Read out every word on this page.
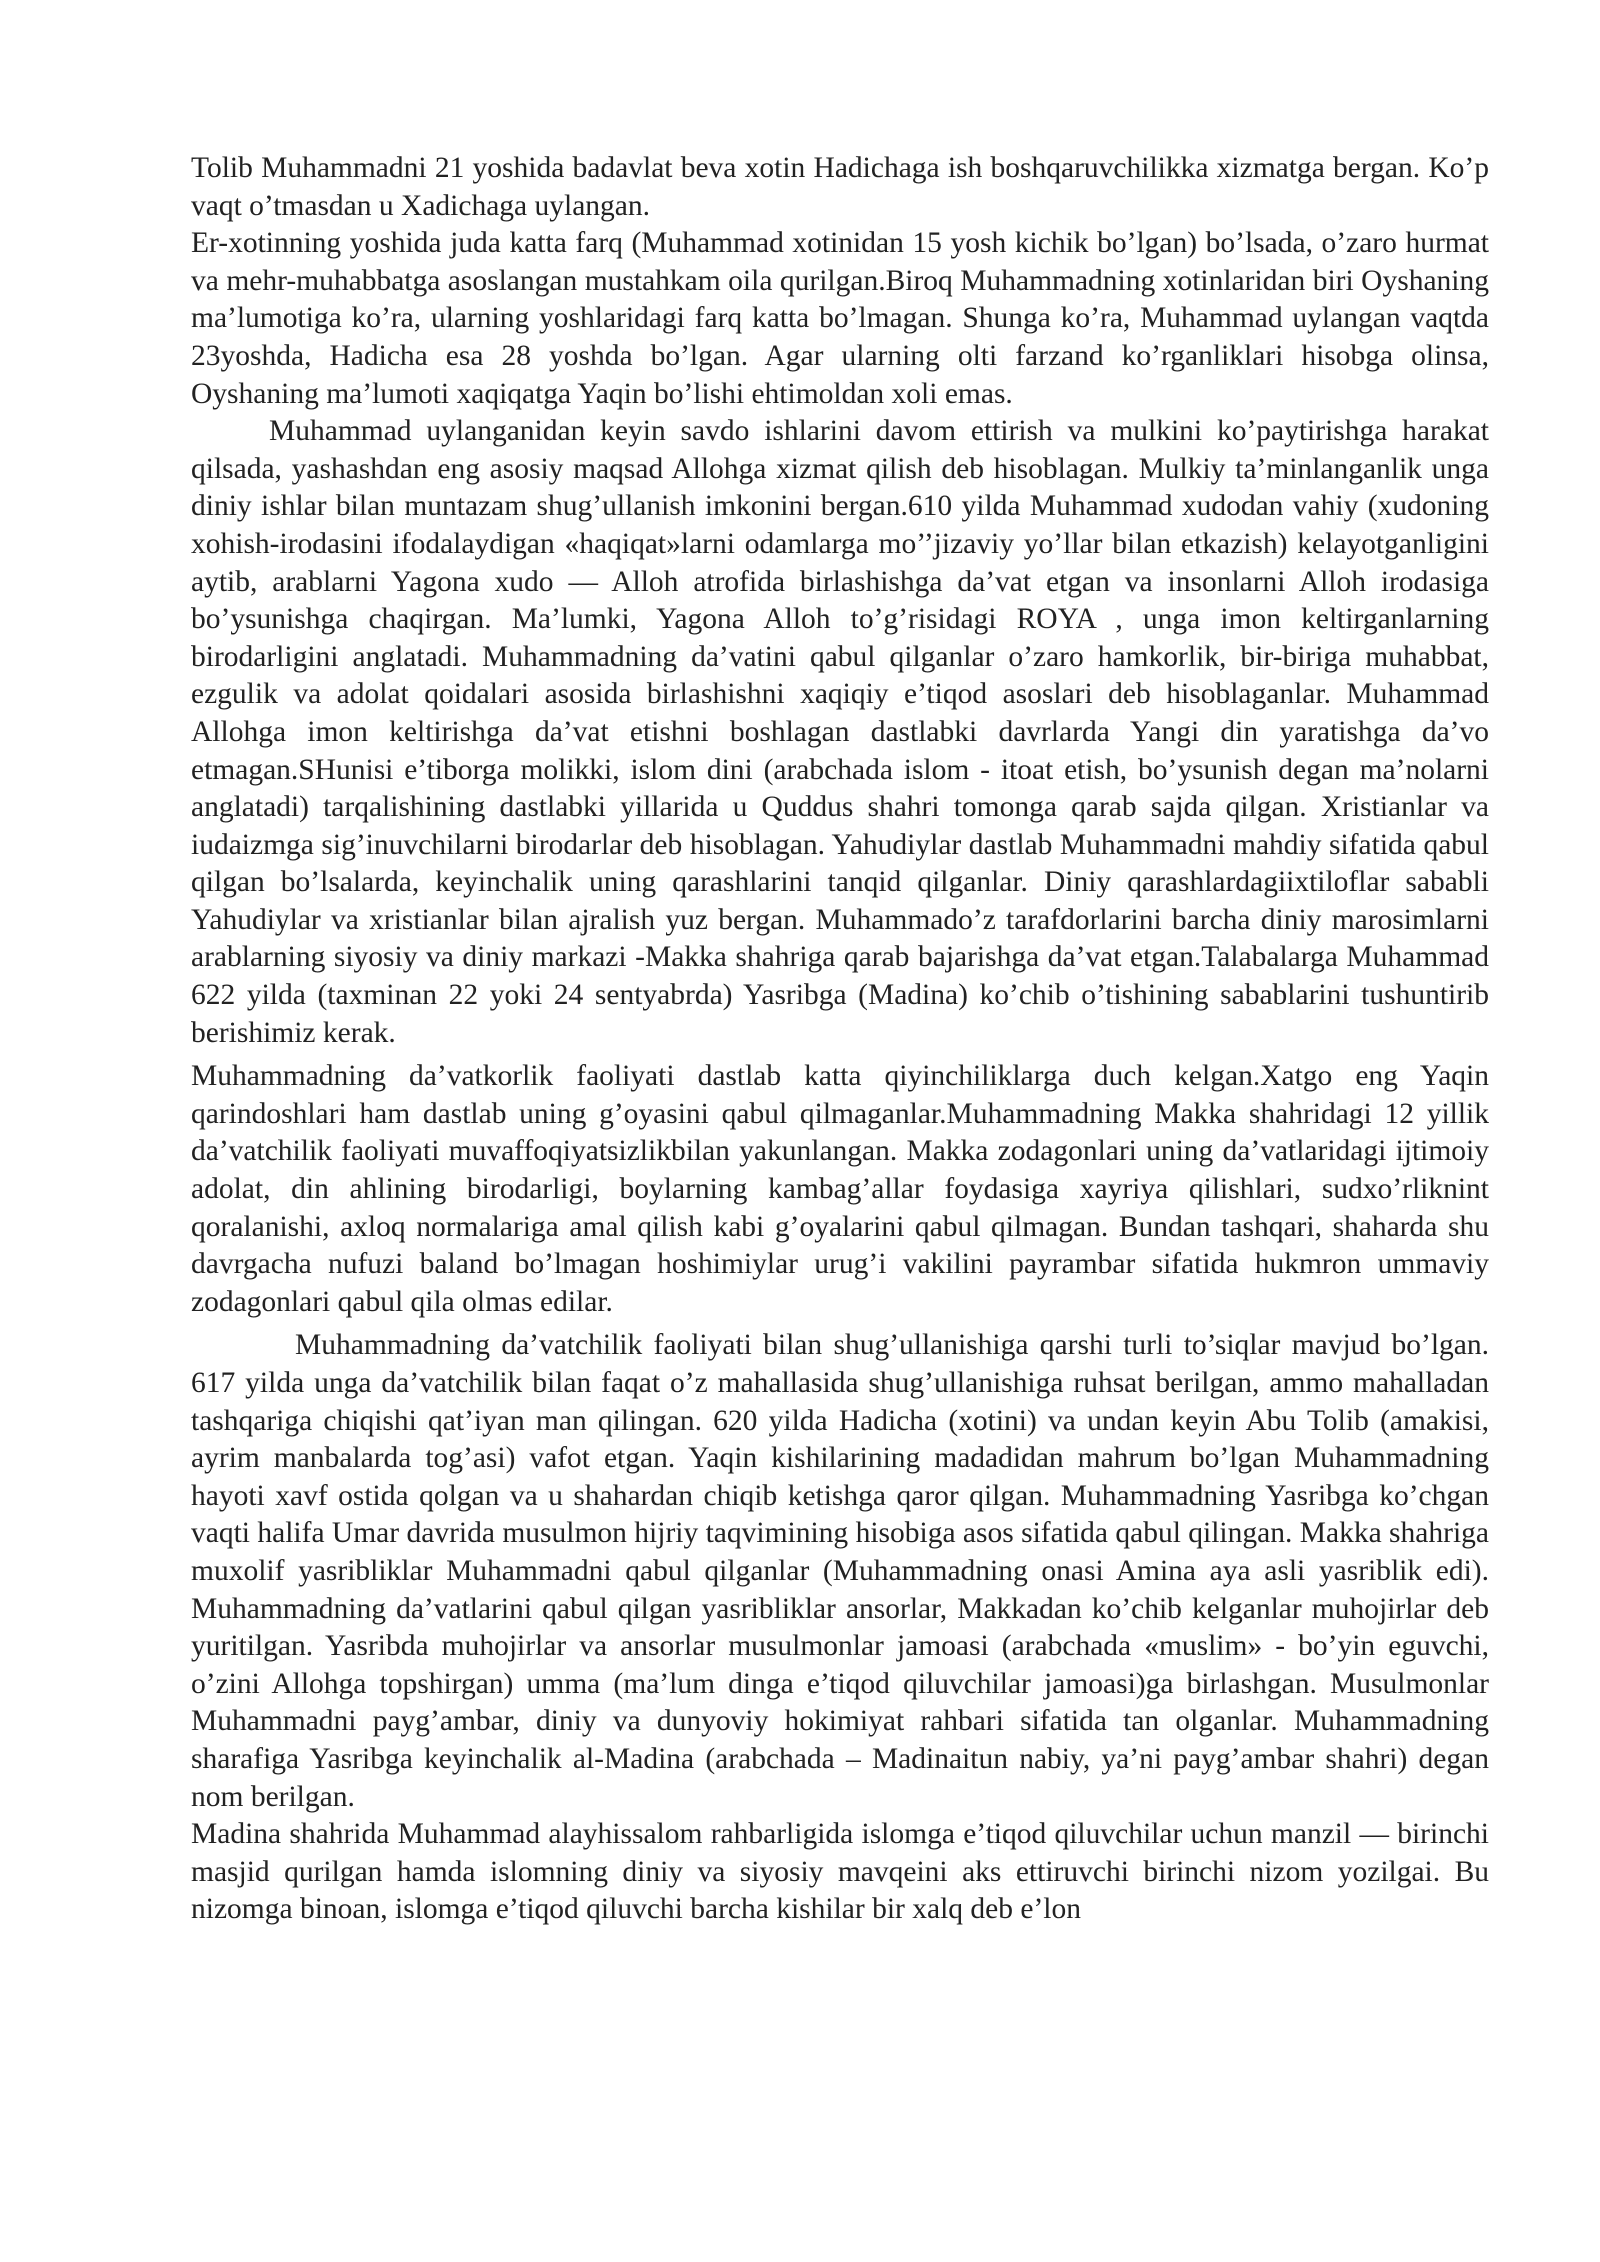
Tolib Muhammadni 21 yoshida badavlat beva xotin Hadichaga ish boshqaruvchilikka xizmatga bergan. Ko’p vaqt o’tmasdan u Xadichaga uylangan.

Er-xotinning yoshida juda katta farq (Muhammad xotinidan 15 yosh kichik bo’lgan) bo’lsada, o’zaro hurmat va mehr-muhabbatga asoslangan mustahkam oila qurilgan.Biroq Muhammadning xotinlaridan biri Oyshaning ma’lumotiga ko’ra, ularning yoshlaridagi farq katta bo’lmagan. Shunga ko’ra, Muhammad uylangan vaqtda 23yoshda, Hadicha esa 28 yoshda bo’lgan. Agar ularning olti farzand ko’rganliklari hisobga olinsa, Oyshaning ma’lumoti xaqiqatga Yaqin bo’lishi ehtimoldan xoli emas.

Muhammad uylanganidan keyin savdo ishlarini davom ettirish va mulkini ko’paytirishga harakat qilsada, yashashdan eng asosiy maqsad Allohga xizmat qilish deb hisoblagan. Mulkiy ta’minlanganlik unga diniy ishlar bilan muntazam shug’ullanish imkonini bergan.610 yilda Muhammad xudodan vahiy (xudoning xohish-irodasini ifodalaydigan «haqiqat»larni odamlarga mo’’jizaviy yo’llar bilan etkazish) kelayotganligini aytib, arablarni Yagona xudo — Alloh atrofida birlashishga da’vat etgan va insonlarni Alloh irodasiga bo’ysunishga chaqirgan. Ma’lumki, Yagona Alloh to’g’risidagi ROYA , unga imon keltirganlarning birodarligini anglatadi. Muhammadning da’vatini qabul qilganlar o’zaro hamkorlik, bir-biriga muhabbat, ezgulik va adolat qoidalari asosida birlashishni xaqiqiy e’tiqod asoslari deb hisoblaganlar. Muhammad Allohga imon keltirishga da’vat etishni boshlagan dastlabki davrlarda Yangi din yaratishga da’vo etmagan.SHunisi e’tiborga molikki, islom dini (arabchada islom - itoat etish, bo’ysunish degan ma’nolarni anglatadi) tarqalishining dastlabki yillarida u Quddus shahri tomonga qarab sajda qilgan. Xristianlar va iudaizmga sig’inuvchilarni birodarlar deb hisoblagan. Yahudiylar dastlab Muhammadni mahdiy sifatida qabul qilgan bo’lsalarda, keyinchalik uning qarashlarini tanqid qilganlar. Diniy qarashlardagiixtiloflar sababli Yahudiylar va xristianlar bilan ajralish yuz bergan. Muhammado’z tarafdorlarini barcha diniy marosimlarni arablarning siyosiy va diniy markazi -Makka shahriga qarab bajarishga da’vat etgan.Talabalarga Muhammad 622 yilda (taxminan 22 yoki 24 sentyabrda) Yasribga (Madina) ko’chib o’tishining sabablarini tushuntirib berishimiz kerak.

Muhammadning da’vatkorlik faoliyati dastlab katta qiyinchiliklarga duch kelgan.Xatgo eng Yaqin qarindoshlari ham dastlab uning g’oyasini qabul qilmaganlar.Muhammadning Makka shahridagi 12 yillik da’vatchilik faoliyati muvaffoqiyatsizlikbilan yakunlangan. Makka zodagonlari uning da’vatlaridagi ijtimoiy adolat, din ahlining birodarligi, boylarning kambag’allar foydasiga xayriya qilishlari, sudxo’rliknint qoralanishi, axloq normalariga amal qilish kabi g’oyalarini qabul qilmagan. Bundan tashqari, shaharda shu davrgacha nufuzi baland bo’lmagan hoshimiylar urug’i vakilini payrambar sifatida hukmron ummaviy zodagonlari qabul qila olmas edilar.

Muhammadning da’vatchilik faoliyati bilan shug’ullanishiga qarshi turli to’siqlar mavjud bo’lgan. 617 yilda unga da’vatchilik bilan faqat o’z mahallasida shug’ullanishiga ruhsat berilgan, ammo mahalladan tashqariga chiqishi qat’iyan man qilingan. 620 yilda Hadicha (xotini) va undan keyin Abu Tolib (amakisi, ayrim manbalarda tog’asi) vafot etgan. Yaqin kishilarining madadidan mahrum bo’lgan Muhammadning hayoti xavf ostida qolgan va u shahardan chiqib ketishga qaror qilgan. Muhammadning Yasribga ko’chgan vaqti halifa Umar davrida musulmon hijriy taqvimining hisobiga asos sifatida qabul qilingan. Makka shahriga muxolif yasribliklar Muhammadni qabul qilganlar (Muhammadning onasi Amina aya asli yasriblik edi). Muhammadning da’vatlarini qabul qilgan yasribliklar ansorlar, Makkadan ko’chib kelganlar muhojirlar deb yuritilgan. Yasribda muhojirlar va ansorlar musulmonlar jamoasi (arabchada «muslim» - bo’yin eguvchi, o’zini Allohga topshirgan) umma (ma’lum dinga e’tiqod qiluvchilar jamoasi)ga birlashgan. Musulmonlar Muhammadni payg’ambar, diniy va dunyoviy hokimiyat rahbari sifatida tan olganlar. Muhammadning sharafiga Yasribga keyinchalik al-Madina (arabchada – Madinaitun nabiy, ya’ni payg’ambar shahri) degan nom berilgan.

Madina shahrida Muhammad alayhissalom rahbarligida islomga e’tiqod qiluvchilar uchun manzil — birinchi masjid qurilgan hamda islomning diniy va siyosiy mavqeini aks ettiruvchi birinchi nizom yozilgai. Bu nizomga binoan, islomga e’tiqod qiluvchi barcha kishilar bir xalq deb e’lon
